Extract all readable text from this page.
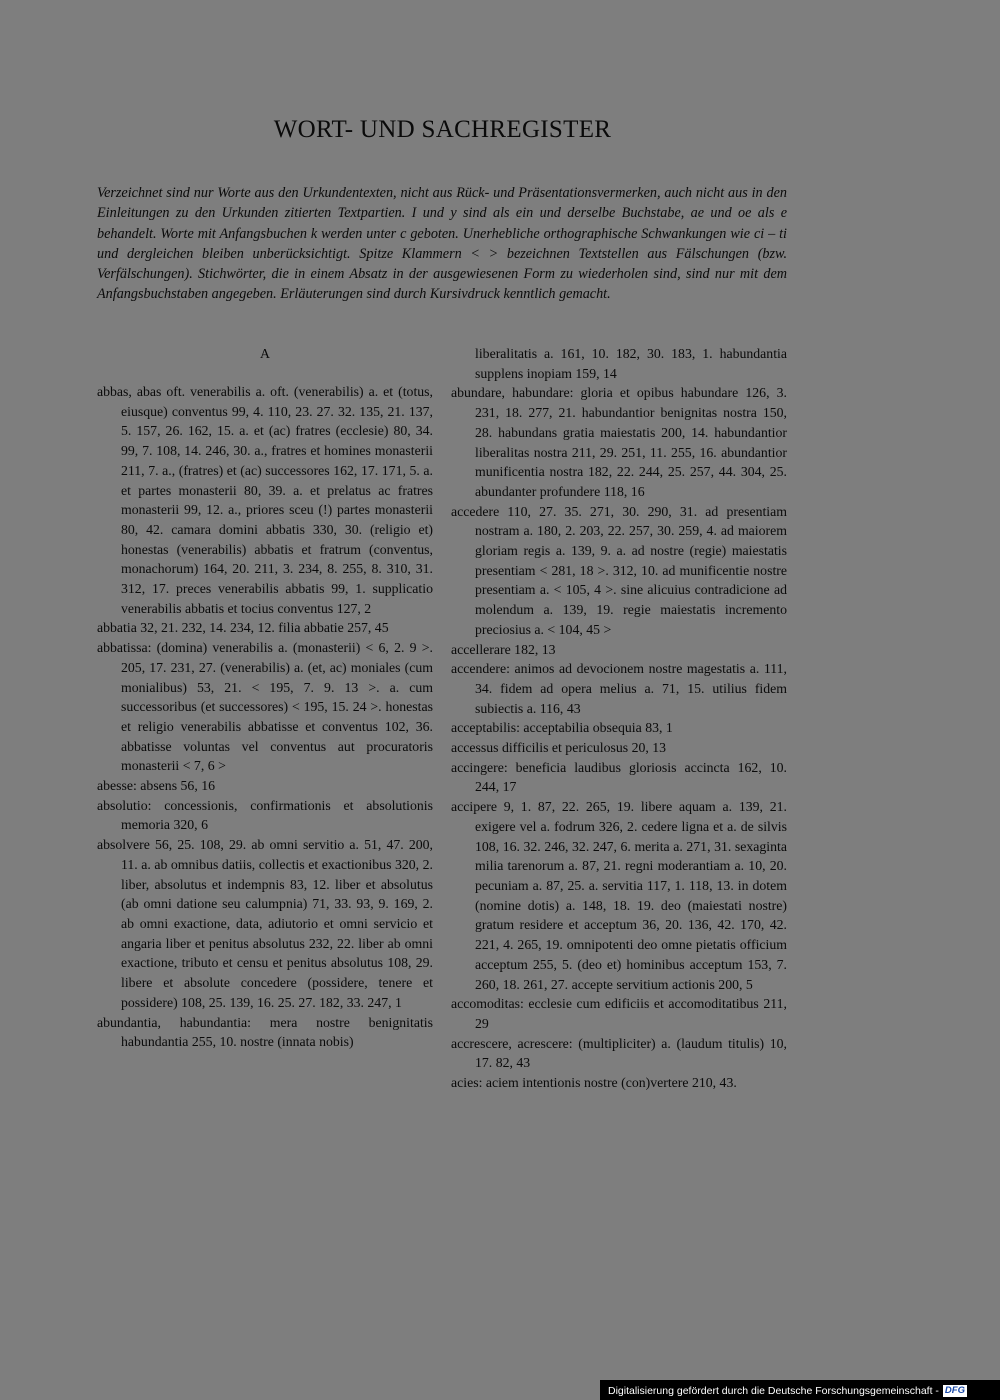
WORT- UND SACHREGISTER

Verzeichnet sind nur Worte aus den Urkundentexten, nicht aus Rück- und Präsentationsvermerken, auch nicht aus in den Einleitungen zu den Urkunden zitierten Textpartien. I und y sind als ein und derselbe Buchstabe, ae und oe als e behandelt. Worte mit Anfangsbuchen k werden unter c geboten. Unerhebliche orthographische Schwankungen wie ci – ti und dergleichen bleiben unberücksichtigt. Spitze Klammern < > bezeichnen Textstellen aus Fälschungen (bzw. Verfälschungen). Stichwörter, die in einem Absatz in der ausgewiesenen Form zu wiederholen sind, sind nur mit dem Anfangsbuchstaben angegeben. Erläuterungen sind durch Kursivdruck kenntlich gemacht.

A

abbas, abas oft. venerabilis a. oft. (venerabilis) a. et (totus, eiusque) conventus 99, 4. 110, 23. 27. 32. 135, 21. 137, 5. 157, 26. 162, 15. a. et (ac) fratres (ecclesie) 80, 34. 99, 7. 108, 14. 246, 30. a., fratres et homines monasterii 211, 7. a., (fratres) et (ac) successores 162, 17. 171, 5. a. et partes monasterii 80, 39. a. et prelatus ac fratres monasterii 99, 12. a., priores sceu (!) partes monasterii 80, 42. camara domini abbatis 330, 30. (religio et) honestas (venerabilis) abbatis et fratrum (conventus, monachorum) 164, 20. 211, 3. 234, 8. 255, 8. 310, 31. 312, 17. preces venerabilis abbatis 99, 1. supplicatio venerabilis abbatis et tocius conventus 127, 2

abbatia 32, 21. 232, 14. 234, 12. filia abbatie 257, 45

abbatissa: (domina) venerabilis a. (monasterii) < 6, 2. 9 >. 205, 17. 231, 27. (venerabilis) a. (et, ac) moniales (cum monialibus) 53, 21. < 195, 7. 9. 13 >. a. cum successoribus (et successores) < 195, 15. 24 >. honestas et religio venerabilis abbatisse et conventus 102, 36. abbatisse voluntas vel conventus aut procuratoris monasterii < 7, 6 >

abesse: absens 56, 16

absolutio: concessionis, confirmationis et absolutionis memoria 320, 6

absolvere 56, 25. 108, 29. ab omni servitio a. 51, 47. 200, 11. a. ab omnibus datiis, collectis et exactionibus 320, 2. liber, absolutus et indempnis 83, 12. liber et absolutus (ab omni datione seu calumpnia) 71, 33. 93, 9. 169, 2. ab omni exactione, data, adiutorio et omni servicio et angaria liber et penitus absolutus 232, 22. liber ab omni exactione, tributo et censu et penitus absolutus 108, 29. libere et absolute concedere (possidere, tenere et possidere) 108, 25. 139, 16. 25. 27. 182, 33. 247, 1

abundantia, habundantia: mera nostre benignitatis habundantia 255, 10. nostre (innata nobis)

liberalitatis a. 161, 10. 182, 30. 183, 1. habundantia supplens inopiam 159, 14

abundare, habundare: gloria et opibus habundare 126, 3. 231, 18. 277, 21. habundantior benignitas nostra 150, 28. habundans gratia maiestatis 200, 14. habundantior liberalitas nostra 211, 29. 251, 11. 255, 16. abundantior munificentia nostra 182, 22. 244, 25. 257, 44. 304, 25. abundanter profundere 118, 16

accedere 110, 27. 35. 271, 30. 290, 31. ad presentiam nostram a. 180, 2. 203, 22. 257, 30. 259, 4. ad maiorem gloriam regis a. 139, 9. a. ad nostre (regie) maiestatis presentiam < 281, 18 >. 312, 10. ad munificentie nostre presentiam a. < 105, 4 >. sine alicuius contradicione ad molendum a. 139, 19. regie maiestatis incremento preciosius a. < 104, 45 >

accellerare 182, 13

accendere: animos ad devocionem nostre magestatis a. 111, 34. fidem ad opera melius a. 71, 15. utilius fidem subiectis a. 116, 43

acceptabilis: acceptabilia obsequia 83, 1

accessus difficilis et periculosus 20, 13

accingere: beneficia laudibus gloriosis accincta 162, 10. 244, 17

accipere 9, 1. 87, 22. 265, 19. libere aquam a. 139, 21. exigere vel a. fodrum 326, 2. cedere ligna et a. de silvis 108, 16. 32. 246, 32. 247, 6. merita a. 271, 31. sexaginta milia tarenorum a. 87, 21. regni moderantiam a. 10, 20. pecuniam a. 87, 25. a. servitia 117, 1. 118, 13. in dotem (nomine dotis) a. 148, 18. 19. deo (maiestati nostre) gratum residere et acceptum 36, 20. 136, 42. 170, 42. 221, 4. 265, 19. omnipotenti deo omne pietatis officium acceptum 255, 5. (deo et) hominibus acceptum 153, 7. 260, 18. 261, 27. accepte servitium actionis 200, 5

accomoditas: ecclesie cum edificiis et accomoditatibus 211, 29

accrescere, acrescere: (multipliciter) a. (laudum titulis) 10, 17. 82, 43

acies: aciem intentionis nostre (con)vertere 210, 43.

Digitalisierung gefördert durch die Deutsche Forschungsgemeinschaft - DFG
